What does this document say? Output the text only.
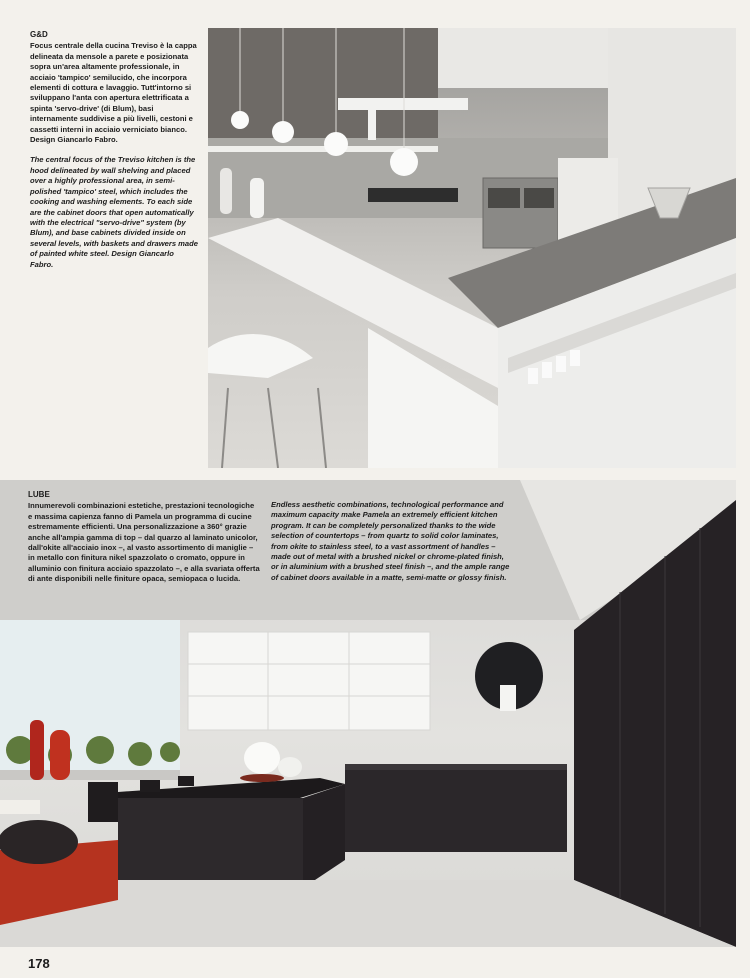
G&D

Focus centrale della cucina Treviso è la cappa delineata da mensole a parete e posizionata sopra un'area altamente professionale, in acciaio 'tampico' semilucido, che incorpora elementi di cottura e lavaggio. Tutt'intorno si sviluppano l'anta con apertura elettrificata a spinta 'servo-drive' (di Blum), basi internamente suddivise a più livelli, cestoni e cassetti interni in acciaio verniciato bianco. Design Giancarlo Fabro.

The central focus of the Treviso kitchen is the hood delineated by wall shelving and placed over a highly professional area, in semi-polished 'tampico' steel, which includes the cooking and washing elements. To each side are the cabinet doors that open automatically with the electrical "servo-drive" system (by Blum), and base cabinets divided inside on several levels, with baskets and drawers made of painted white steel. Design Giancarlo Fabro.

LUBE

Innumerevoli combinazioni estetiche, prestazioni tecnologiche e massima capienza fanno di Pamela un programma di cucine estremamente efficienti. Una personalizzazione a 360° grazie anche all'ampia gamma di top – dal quarzo al laminato unicolor, dall'okite all'acciaio inox –, al vasto assortimento di maniglie – in metallo con finitura nikel spazzolato o cromato, oppure in alluminio con finitura acciaio spazzolato –, e alla svariata offerta di ante disponibili nelle finiture opaca, semiopaca o lucida.

Endless aesthetic combinations, technological performance and maximum capacity make Pamela an extremely efficient kitchen program. It can be completely personalized thanks to the wide selection of countertops – from quartz to solid color laminates, from okite to stainless steel, to a vast assortment of handles – made out of metal with a brushed nickel or chrome-plated finish, or in aluminium with a brushed steel finish –, and the ample range of cabinet doors available in a matte, semi-matte or glossy finish.

178
